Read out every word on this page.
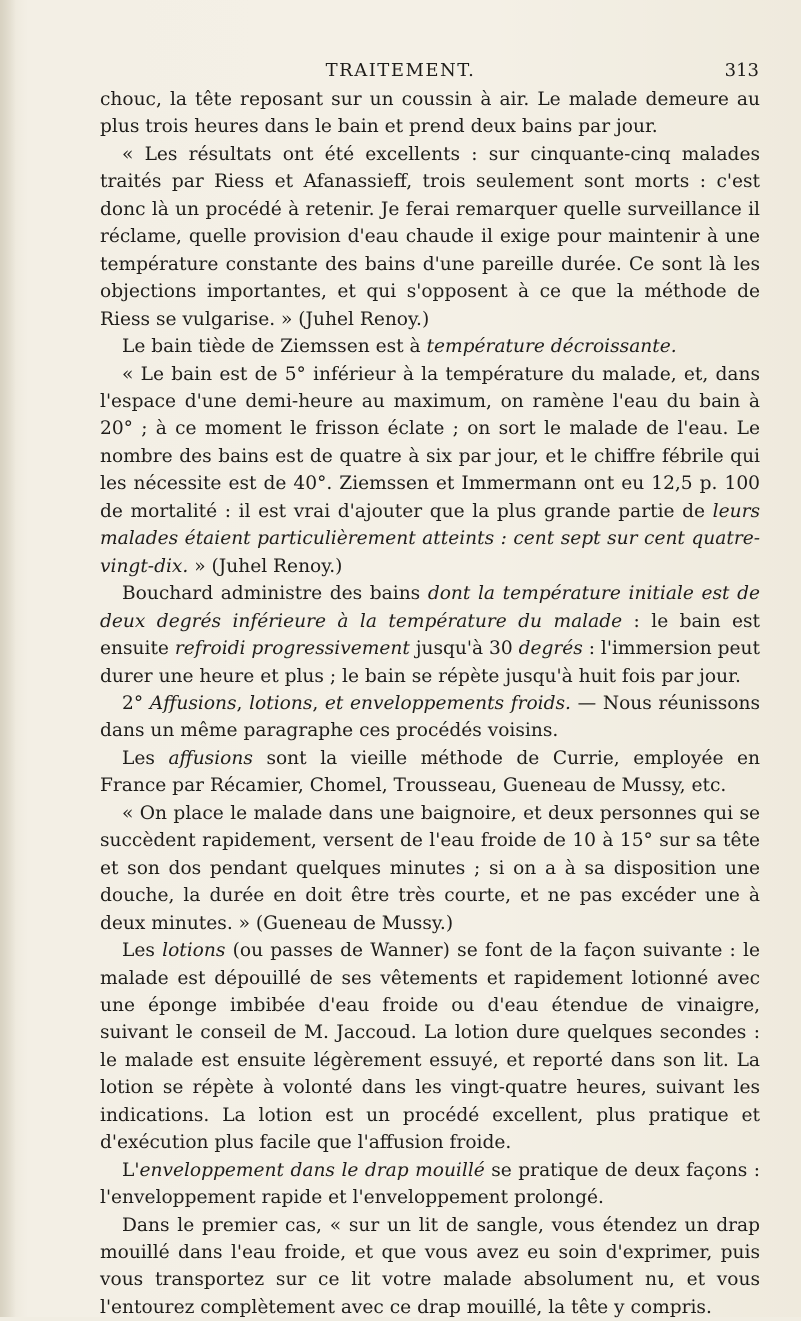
TRAITEMENT.	313

chouc, la tête reposant sur un coussin à air. Le malade demeure au plus trois heures dans le bain et prend deux bains par jour.

« Les résultats ont été excellents : sur cinquante-cinq malades traités par Riess et Afanassieff, trois seulement sont morts : c'est donc là un procédé à retenir. Je ferai remarquer quelle surveillance il réclame, quelle provision d'eau chaude il exige pour maintenir à une température constante des bains d'une pareille durée. Ce sont là les objections importantes, et qui s'opposent à ce que la méthode de Riess se vulgarise. » (Juhel Renoy.)

Le bain tiède de Ziemssen est à température décroissante.

« Le bain est de 5° inférieur à la température du malade, et, dans l'espace d'une demi-heure au maximum, on ramène l'eau du bain à 20° ; à ce moment le frisson éclate ; on sort le malade de l'eau. Le nombre des bains est de quatre à six par jour, et le chiffre fébrile qui les nécessite est de 40°. Ziemssen et Immermann ont eu 12,5 p. 100 de mortalité : il est vrai d'ajouter que la plus grande partie de leurs malades étaient particulièrement atteints : cent sept sur cent quatre-vingt-dix. » (Juhel Renoy.)

Bouchard administre des bains dont la température initiale est de deux degrés inférieure à la température du malade : le bain est ensuite refroidi progressivement jusqu'à 30 degrés : l'immersion peut durer une heure et plus ; le bain se répète jusqu'à huit fois par jour.

2° Affusions, lotions, et enveloppements froids. — Nous réunissons dans un même paragraphe ces procédés voisins.

Les affusions sont la vieille méthode de Currie, employée en France par Récamier, Chomel, Trousseau, Gueneau de Mussy, etc.

« On place le malade dans une baignoire, et deux personnes qui se succèdent rapidement, versent de l'eau froide de 10 à 15° sur sa tête et son dos pendant quelques minutes ; si on a à sa disposition une douche, la durée en doit être très courte, et ne pas excéder une à deux minutes. » (Gueneau de Mussy.)

Les lotions (ou passes de Wanner) se font de la façon suivante : le malade est dépouillé de ses vêtements et rapidement lotionné avec une éponge imbibée d'eau froide ou d'eau étendue de vinaigre, suivant le conseil de M. Jaccoud. La lotion dure quelques secondes : le malade est ensuite légèrement essuyé, et reporté dans son lit. La lotion se répète à volonté dans les vingt-quatre heures, suivant les indications. La lotion est un procédé excellent, plus pratique et d'exécution plus facile que l'affusion froide.

L'enveloppement dans le drap mouillé se pratique de deux façons : l'enveloppement rapide et l'enveloppement prolongé.

Dans le premier cas, « sur un lit de sangle, vous étendez un drap mouillé dans l'eau froide, et que vous avez eu soin d'exprimer, puis vous transportez sur ce lit votre malade absolument nu, et vous l'entourez complètement avec ce drap mouillé, la tête y compris.
